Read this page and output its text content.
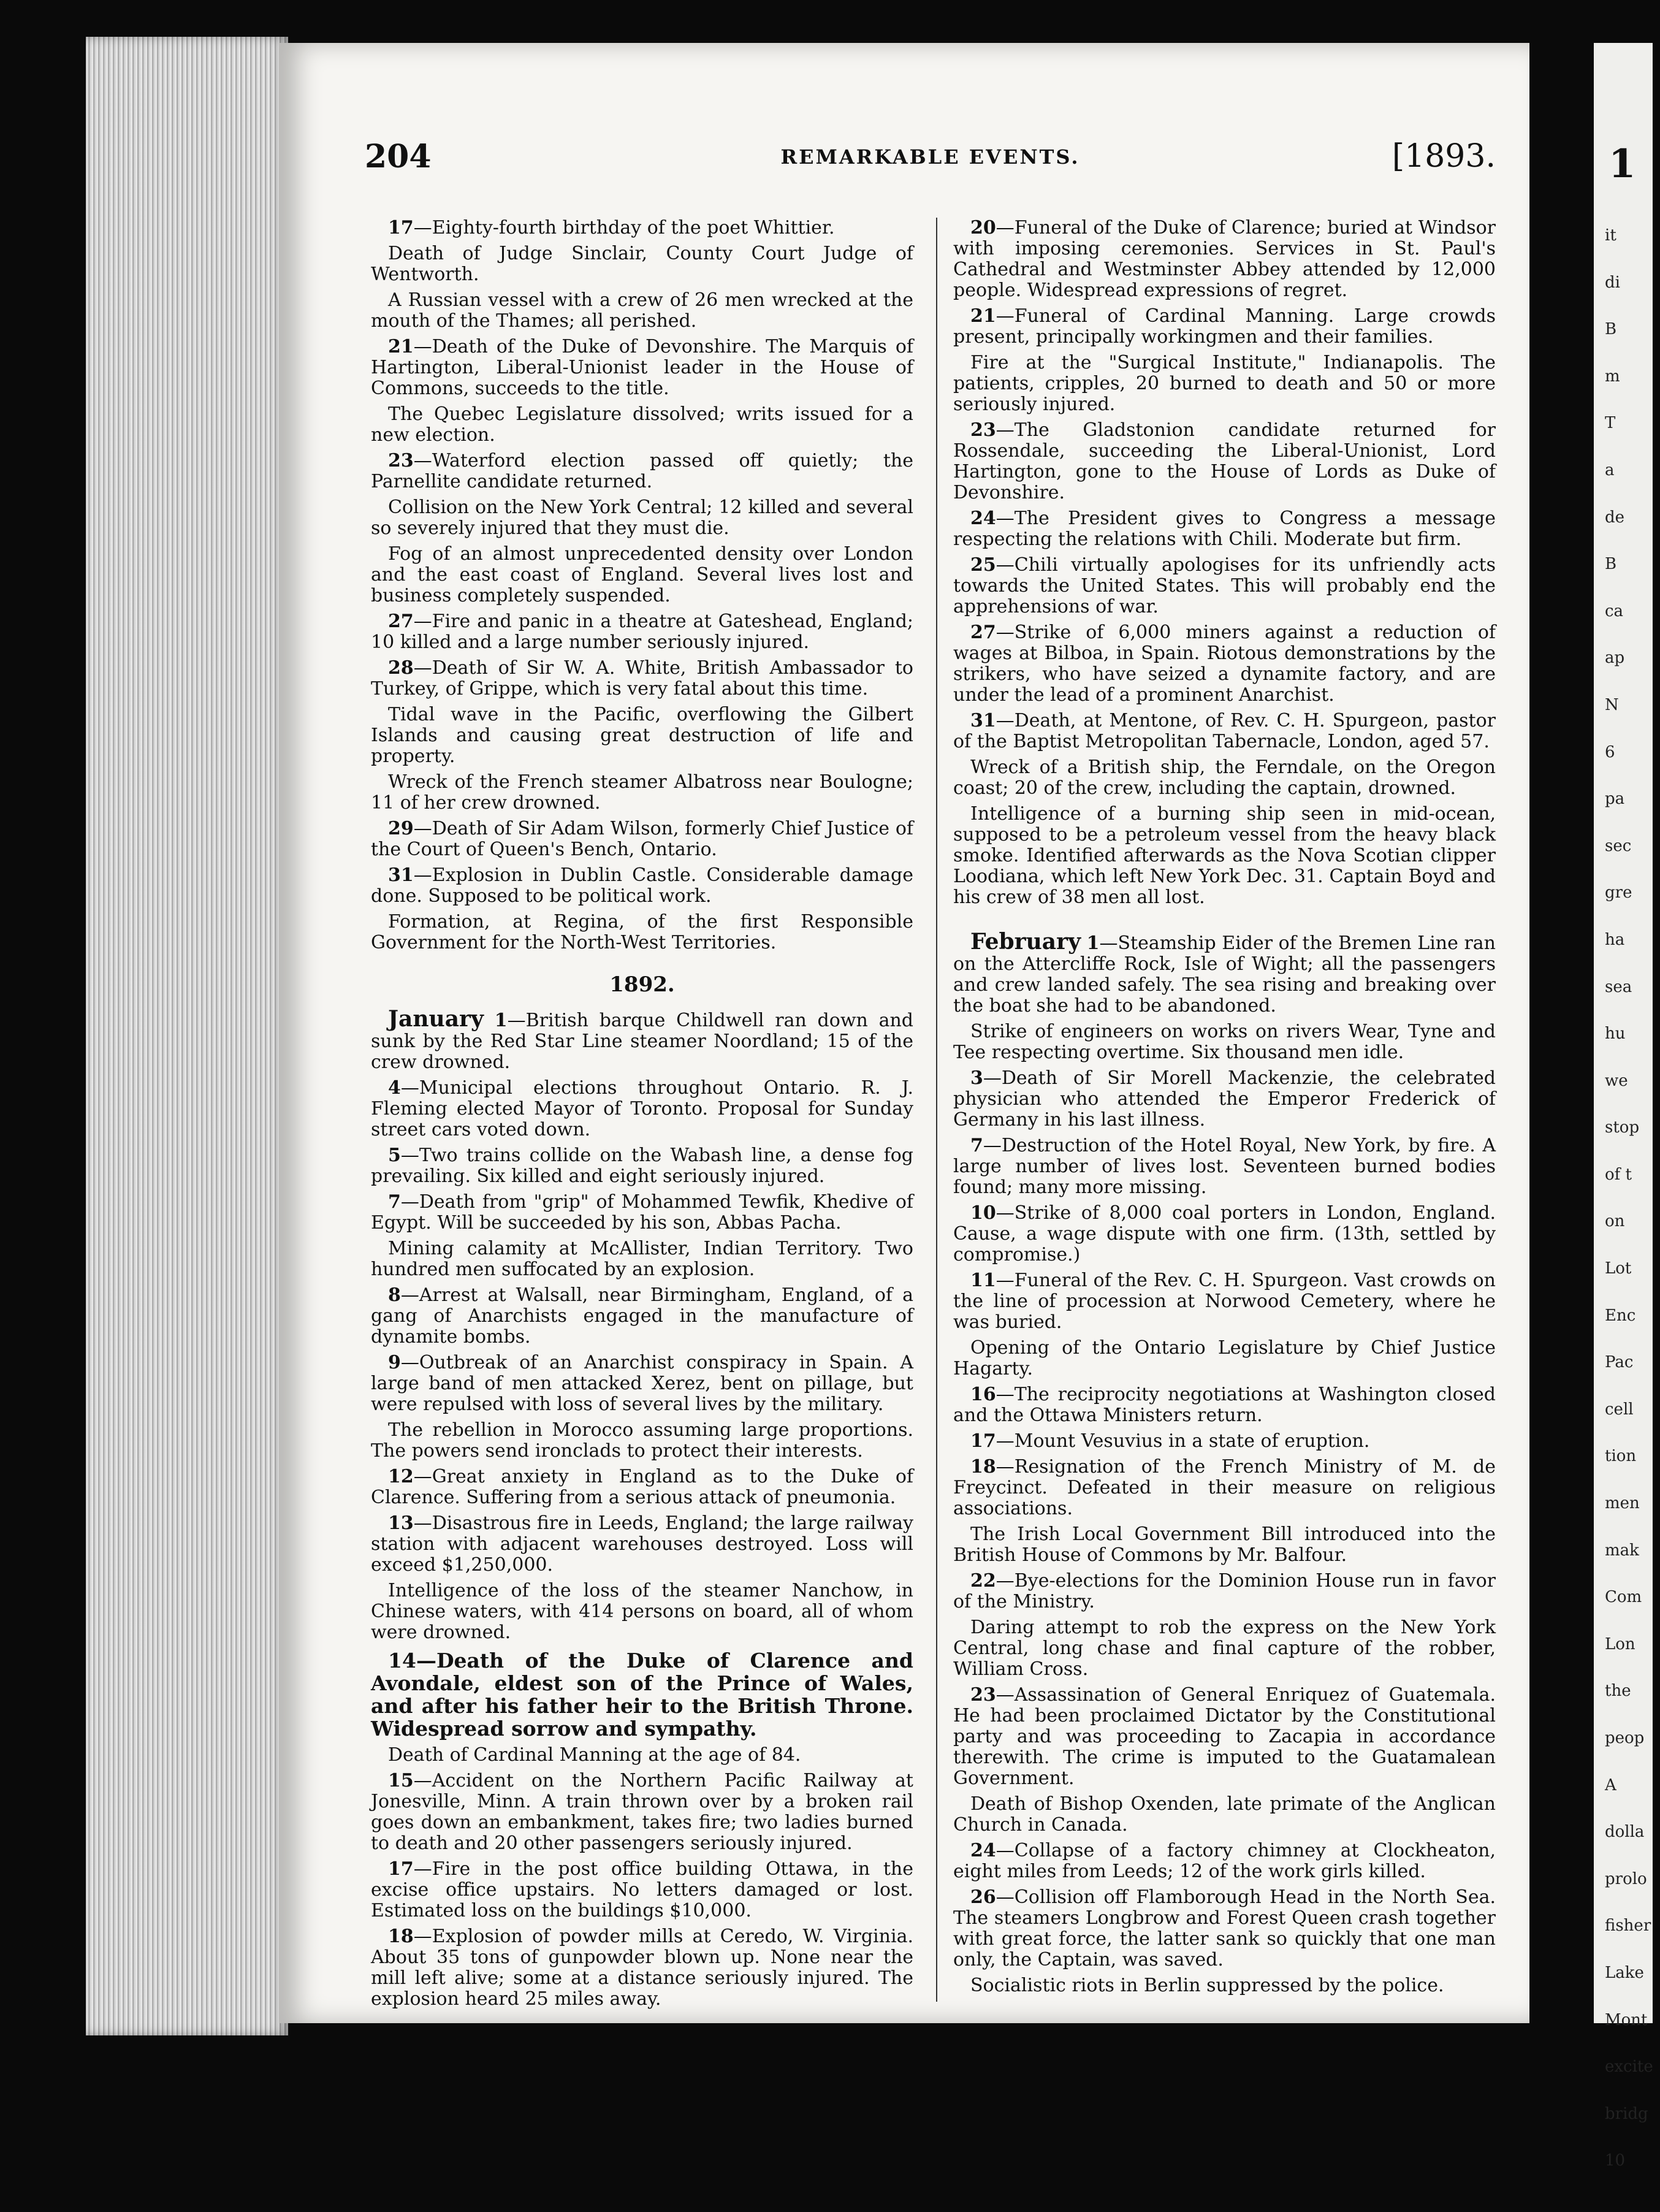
1
it
di
B
m
T
a
de
B
ca
ap
N
6
pa
sec
gre
ha
sea
hu
we
stop
of t
on
Lot
Enc
Pac
cell
tion
men
mak
Com
Lon
the
peop
A
dolla
prolo
fisher
Lake
Mont
excite
bridg
10
204	REMARKABLE EVENTS.	[1893.
17—Eighty-fourth birthday of the poet Whittier.
Death of Judge Sinclair, County Court Judge of Wentworth.
A Russian vessel with a crew of 26 men wrecked at the mouth of the Thames; all perished.
21—Death of the Duke of Devonshire. The Marquis of Hartington, Liberal-Unionist leader in the House of Commons, succeeds to the title.
The Quebec Legislature dissolved; writs issued for a new election.
23—Waterford election passed off quietly; the Parnellite candidate returned.
Collision on the New York Central; 12 killed and several so severely injured that they must die.
Fog of an almost unprecedented density over London and the east coast of England. Several lives lost and business completely suspended.
27—Fire and panic in a theatre at Gateshead, England; 10 killed and a large number seriously injured.
28—Death of Sir W. A. White, British Ambassador to Turkey, of Grippe, which is very fatal about this time.
Tidal wave in the Pacific, overflowing the Gilbert Islands and causing great destruction of life and property.
Wreck of the French steamer Albatross near Boulogne; 11 of her crew drowned.
29—Death of Sir Adam Wilson, formerly Chief Justice of the Court of Queen's Bench, Ontario.
31—Explosion in Dublin Castle. Considerable damage done. Supposed to be political work.
Formation, at Regina, of the first Responsible Government for the North-West Territories.
1892.
January 1—British barque Childwell ran down and sunk by the Red Star Line steamer Noordland; 15 of the crew drowned.
4—Municipal elections throughout Ontario. R. J. Fleming elected Mayor of Toronto. Proposal for Sunday street cars voted down.
5—Two trains collide on the Wabash line, a dense fog prevailing. Six killed and eight seriously injured.
7—Death from "grip" of Mohammed Tewfik, Khedive of Egypt. Will be succeeded by his son, Abbas Pacha.
Mining calamity at McAllister, Indian Territory. Two hundred men suffocated by an explosion.
8—Arrest at Walsall, near Birmingham, England, of a gang of Anarchists engaged in the manufacture of dynamite bombs.
9—Outbreak of an Anarchist conspiracy in Spain. A large band of men attacked Xerez, bent on pillage, but were repulsed with loss of several lives by the military.
The rebellion in Morocco assuming large proportions. The powers send ironclads to protect their interests.
12—Great anxiety in England as to the Duke of Clarence. Suffering from a serious attack of pneumonia.
13—Disastrous fire in Leeds, England; the large railway station with adjacent warehouses destroyed. Loss will exceed $1,250,000.
Intelligence of the loss of the steamer Nanchow, in Chinese waters, with 414 persons on board, all of whom were drowned.
14—Death of the Duke of Clarence and Avondale, eldest son of the Prince of Wales, and after his father heir to the British Throne. Widespread sorrow and sympathy.
Death of Cardinal Manning at the age of 84.
15—Accident on the Northern Pacific Railway at Jonesville, Minn. A train thrown over by a broken rail goes down an embankment, takes fire; two ladies burned to death and 20 other passengers seriously injured.
17—Fire in the post office building Ottawa, in the excise office upstairs. No letters damaged or lost. Estimated loss on the buildings $10,000.
18—Explosion of powder mills at Ceredo, W. Virginia. About 35 tons of gunpowder blown up. None near the mill left alive; some at a distance seriously injured. The explosion heard 25 miles away.
20—Funeral of the Duke of Clarence; buried at Windsor with imposing ceremonies. Services in St. Paul's Cathedral and Westminster Abbey attended by 12,000 people. Widespread expressions of regret.
21—Funeral of Cardinal Manning. Large crowds present, principally workingmen and their families.
Fire at the "Surgical Institute," Indianapolis. The patients, cripples, 20 burned to death and 50 or more seriously injured.
23—The Gladstonion candidate returned for Rossendale, succeeding the Liberal-Unionist, Lord Hartington, gone to the House of Lords as Duke of Devonshire.
24—The President gives to Congress a message respecting the relations with Chili. Moderate but firm.
25—Chili virtually apologises for its unfriendly acts towards the United States. This will probably end the apprehensions of war.
27—Strike of 6,000 miners against a reduction of wages at Bilboa, in Spain. Riotous demonstrations by the strikers, who have seized a dynamite factory, and are under the lead of a prominent Anarchist.
31—Death, at Mentone, of Rev. C. H. Spurgeon, pastor of the Baptist Metropolitan Tabernacle, London, aged 57.
Wreck of a British ship, the Ferndale, on the Oregon coast; 20 of the crew, including the captain, drowned.
Intelligence of a burning ship seen in mid-ocean, supposed to be a petroleum vessel from the heavy black smoke. Identified afterwards as the Nova Scotian clipper Loodiana, which left New York Dec. 31. Captain Boyd and his crew of 38 men all lost.
February 1—Steamship Eider of the Bremen Line ran on the Attercliffe Rock, Isle of Wight; all the passengers and crew landed safely. The sea rising and breaking over the boat she had to be abandoned.
Strike of engineers on works on rivers Wear, Tyne and Tee respecting overtime. Six thousand men idle.
3—Death of Sir Morell Mackenzie, the celebrated physician who attended the Emperor Frederick of Germany in his last illness.
7—Destruction of the Hotel Royal, New York, by fire. A large number of lives lost. Seventeen burned bodies found; many more missing.
10—Strike of 8,000 coal porters in London, England. Cause, a wage dispute with one firm. (13th, settled by compromise.)
11—Funeral of the Rev. C. H. Spurgeon. Vast crowds on the line of procession at Norwood Cemetery, where he was buried.
Opening of the Ontario Legislature by Chief Justice Hagarty.
16—The reciprocity negotiations at Washington closed and the Ottawa Ministers return.
17—Mount Vesuvius in a state of eruption.
18—Resignation of the French Ministry of M. de Freycinct. Defeated in their measure on religious associations.
The Irish Local Government Bill introduced into the British House of Commons by Mr. Balfour.
22—Bye-elections for the Dominion House run in favor of the Ministry.
Daring attempt to rob the express on the New York Central, long chase and final capture of the robber, William Cross.
23—Assassination of General Enriquez of Guatemala. He had been proclaimed Dictator by the Constitutional party and was proceeding to Zacapia in accordance therewith. The crime is imputed to the Guatamalean Government.
Death of Bishop Oxenden, late primate of the Anglican Church in Canada.
24—Collapse of a factory chimney at Clockheaton, eight miles from Leeds; 12 of the work girls killed.
26—Collision off Flamborough Head in the North Sea. The steamers Longbrow and Forest Queen crash together with great force, the latter sank so quickly that one man only, the Captain, was saved.
Socialistic riots in Berlin suppressed by the police.
